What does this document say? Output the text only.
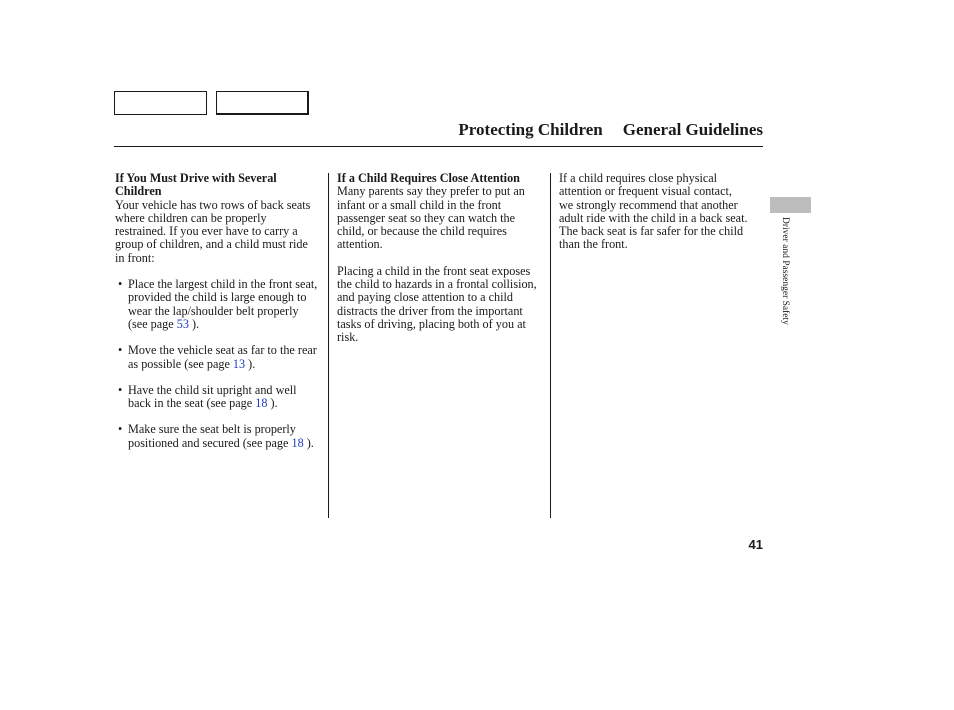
Protecting Children General Guidelines
If You Must Drive with Several Children

Your vehicle has two rows of back seats where children can be properly restrained. If you ever have to carry a group of children, and a child must ride in front:

• Place the largest child in the front seat, provided the child is large enough to wear the lap/shoulder belt properly (see page 53 ).
• Move the vehicle seat as far to the rear as possible (see page 13 ).
• Have the child sit upright and well back in the seat (see page 18 ).
• Make sure the seat belt is properly positioned and secured (see page 18 ).
If a Child Requires Close Attention

Many parents say they prefer to put an infant or a small child in the front passenger seat so they can watch the child, or because the child requires attention.

Placing a child in the front seat exposes the child to hazards in a frontal collision, and paying close attention to a child distracts the driver from the important tasks of driving, placing both of you at risk.

If a child requires close physical attention or frequent visual contact, we strongly recommend that another adult ride with the child in a back seat. The back seat is far safer for the child than the front.	Driver and Passenger Safety
41
